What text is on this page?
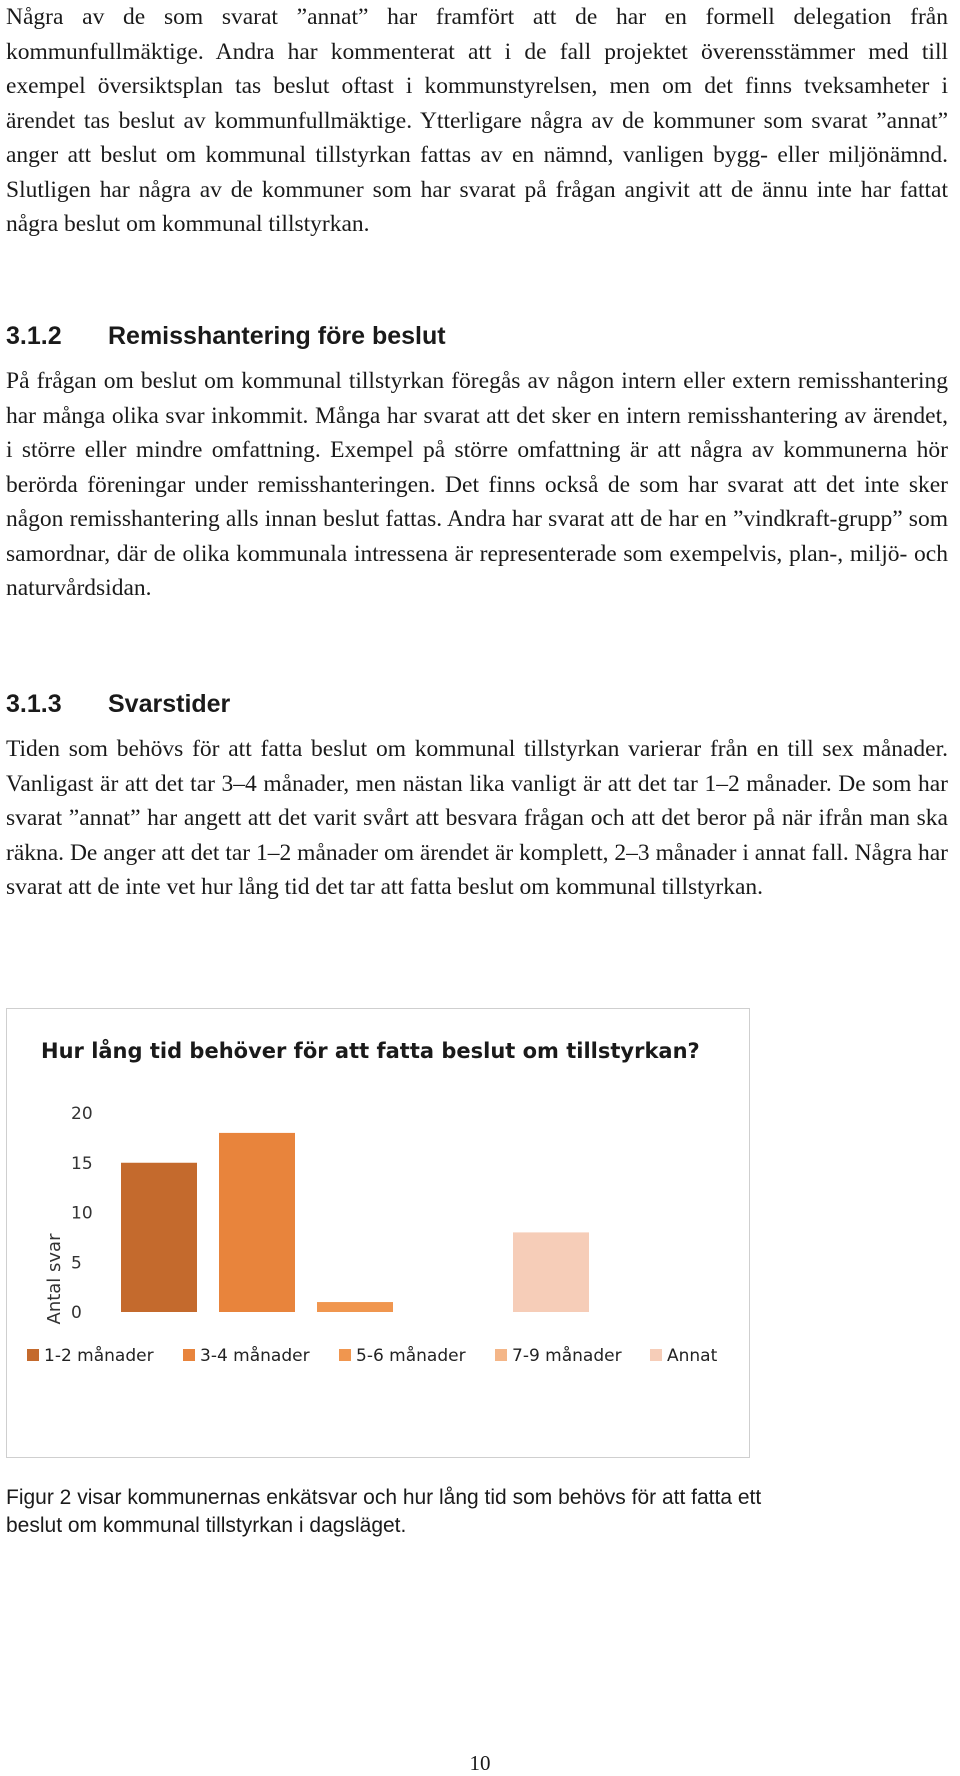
Några av de som svarat ”annat” har framfört att de har en formell delegation från kommunfullmäktige. Andra har kommenterat att i de fall projektet överensstämmer med till exempel översiktsplan tas beslut oftast i kommunstyrelsen, men om det finns tveksamheter i ärendet tas beslut av kommunfullmäktige. Ytterligare några av de kommuner som svarat ”annat” anger att beslut om kommunal tillstyrkan fattas av en nämnd, vanligen bygg- eller miljönämnd. Slutligen har några av de kommuner som har svarat på frågan angivit att de ännu inte har fattat några beslut om kommunal tillstyrkan.

3.1.2 Remisshantering före beslut

På frågan om beslut om kommunal tillstyrkan föregås av någon intern eller extern remisshantering har många olika svar inkommit. Många har svarat att det sker en intern remisshantering av ärendet, i större eller mindre omfattning. Exempel på större omfattning är att några av kommunerna hör berörda föreningar under remisshanteringen. Det finns också de som har svarat att det inte sker någon remisshantering alls innan beslut fattas. Andra har svarat att de har en ”vindkraft-grupp” som samordnar, där de olika kommunala intressena är representerade som exempelvis, plan-, miljö- och naturvårdsidan.

3.1.3 Svarstider

Tiden som behövs för att fatta beslut om kommunal tillstyrkan varierar från en till sex månader. Vanligast är att det tar 3–4 månader, men nästan lika vanligt är att det tar 1–2 månader. De som har svarat ”annat” har angett att det varit svårt att besvara frågan och att det beror på när ifrån man ska räkna. De anger att det tar 1–2 månader om ärendet är komplett, 2–3 månader i annat fall. Några har svarat att de inte vet hur lång tid det tar att fatta beslut om kommunal tillstyrkan.

Hur lång tid behöver för att fatta beslut om tillstyrkan?
Antal svar 0
5
10
15
20
1-2 månader	3-4 månader	5-6 månader	7-9 månader	Annat

Figur 2 visar kommunernas enkätsvar och hur lång tid som behövs för att fatta ett beslut om kommunal tillstyrkan i dagsläget.

10
